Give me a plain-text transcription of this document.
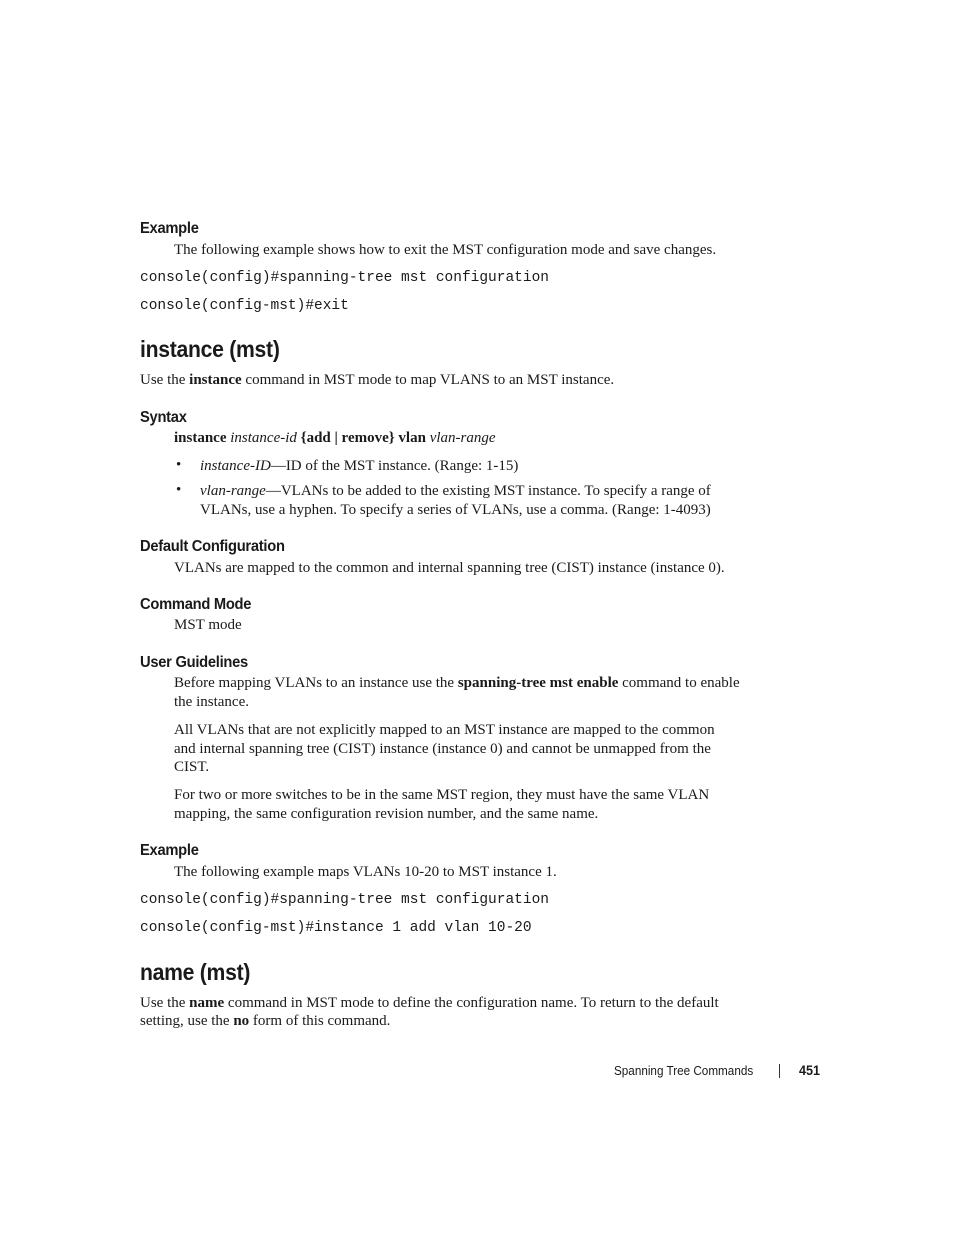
Example
The following example shows how to exit the MST configuration mode and save changes.
console(config)#spanning-tree mst configuration
console(config-mst)#exit
instance (mst)
Use the instance command in MST mode to map VLANS to an MST instance.
Syntax
instance instance-id {add | remove} vlan vlan-range
• instance-ID—ID of the MST instance. (Range: 1-15)
• vlan-range—VLANs to be added to the existing MST instance. To specify a range of
VLANs, use a hyphen. To specify a series of VLANs, use a comma. (Range: 1-4093)
Default Configuration
VLANs are mapped to the common and internal spanning tree (CIST) instance (instance 0).
Command Mode
MST mode
User Guidelines
Before mapping VLANs to an instance use the spanning-tree mst enable command to enable
the instance.
All VLANs that are not explicitly mapped to an MST instance are mapped to the common
and internal spanning tree (CIST) instance (instance 0) and cannot be unmapped from the
CIST.
For two or more switches to be in the same MST region, they must have the same VLAN
mapping, the same configuration revision number, and the same name.
Example
The following example maps VLANs 10-20 to MST instance 1.
console(config)#spanning-tree mst configuration
console(config-mst)#instance 1 add vlan 10-20
name (mst)
Use the name command in MST mode to define the configuration name. To return to the default
setting, use the no form of this command.
Spanning Tree Commands	451
